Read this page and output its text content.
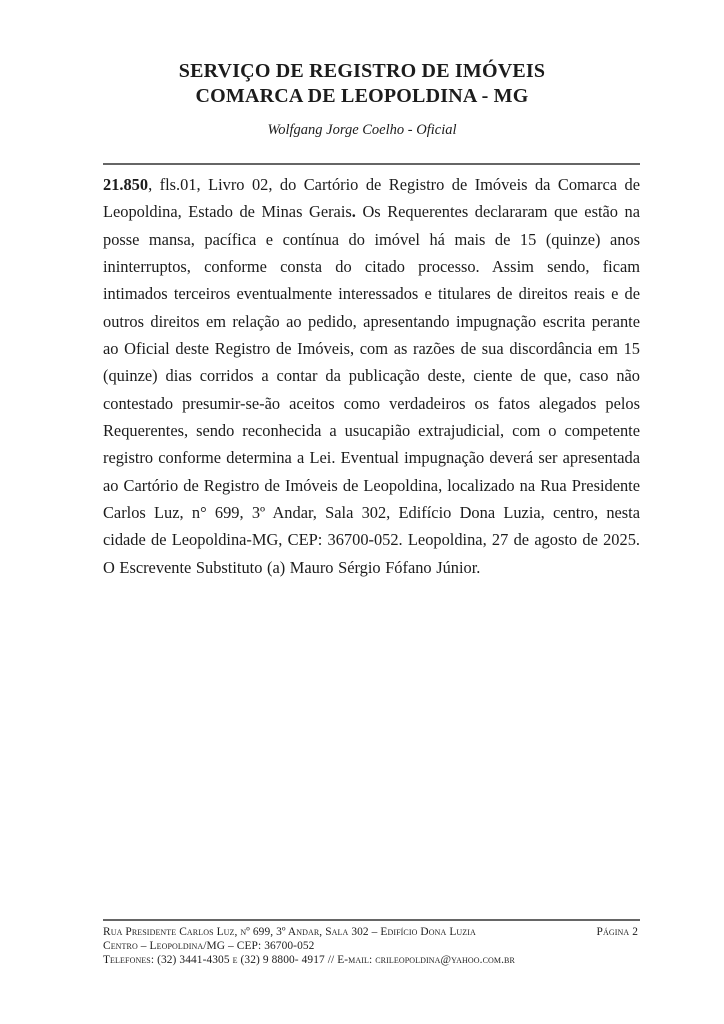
SERVIÇO DE REGISTRO DE IMÓVEIS
COMARCA DE LEOPOLDINA - MG
Wolfgang Jorge Coelho - Oficial
21.850, fls.01, Livro 02, do Cartório de Registro de Imóveis da Comarca de Leopoldina, Estado de Minas Gerais. Os Requerentes declararam que estão na posse mansa, pacífica e contínua do imóvel há mais de 15 (quinze) anos ininterruptos, conforme consta do citado processo. Assim sendo, ficam intimados terceiros eventualmente interessados e titulares de direitos reais e de outros direitos em relação ao pedido, apresentando impugnação escrita perante ao Oficial deste Registro de Imóveis, com as razões de sua discordância em 15 (quinze) dias corridos a contar da publicação deste, ciente de que, caso não contestado presumir-se-ão aceitos como verdadeiros os fatos alegados pelos Requerentes, sendo reconhecida a usucapião extrajudicial, com o competente registro conforme determina a Lei. Eventual impugnação deverá ser apresentada ao Cartório de Registro de Imóveis de Leopoldina, localizado na Rua Presidente Carlos Luz, n° 699, 3º Andar, Sala 302, Edifício Dona Luzia, centro, nesta cidade de Leopoldina-MG, CEP: 36700-052. Leopoldina, 27 de agosto de 2025. O Escrevente Substituto (a) Mauro Sérgio Fófano Júnior.
Rua Presidente Carlos Luz, nº 699, 3º Andar, Sala 302 – Edifício Dona Luzia	Página 2
Centro – Leopoldina/MG – CEP: 36700-052
Telefones: (32) 3441-4305 e (32) 9 8800- 4917 // E-mail: crileopoldina@yahoo.com.br
